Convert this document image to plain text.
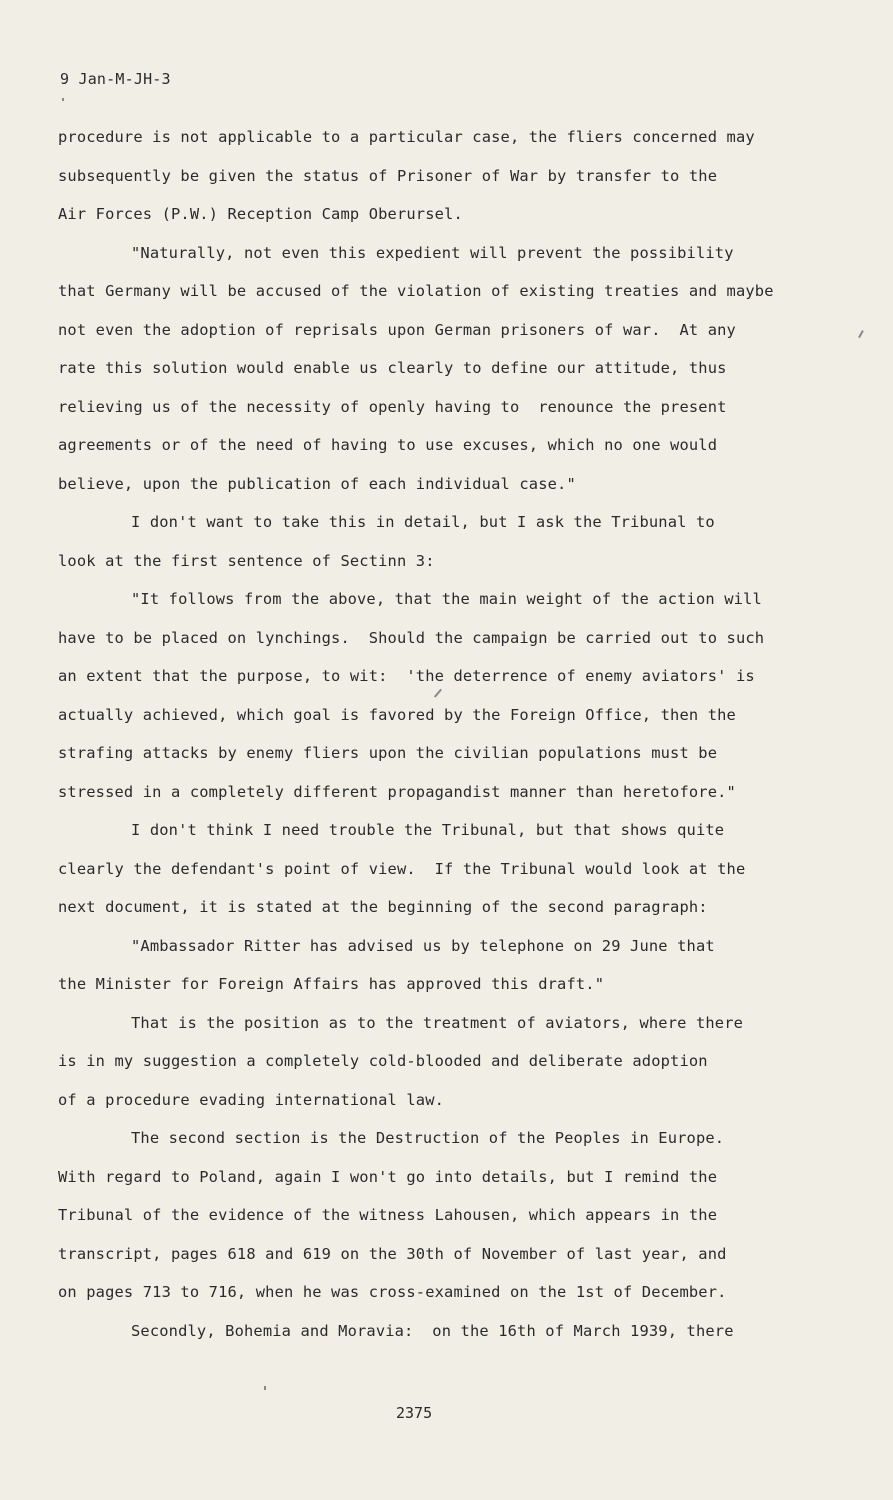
9 Jan-M-JH-3
procedure is not applicable to a particular case, the fliers concerned may
subsequently be given the status of Prisoner of War by transfer to the
Air Forces (P.W.) Reception Camp Oberursel.
"Naturally, not even this expedient will prevent the possibility
that Germany will be accused of the violation of existing treaties and maybe
not even the adoption of reprisals upon German prisoners of war.  At any
rate this solution would enable us clearly to define our attitude, thus
relieving us of the necessity of openly having to  renounce the present
agreements or of the need of having to use excuses, which no one would
believe, upon the publication of each individual case."
I don't want to take this in detail, but I ask the Tribunal to
look at the first sentence of Sectinn 3:
"It follows from the above, that the main weight of the action will
have to be placed on lynchings.  Should the campaign be carried out to such
an extent that the purpose, to wit:  'the deterrence of enemy aviators' is
actually achieved, which goal is favored by the Foreign Office, then the
strafing attacks by enemy fliers upon the civilian populations must be
stressed in a completely different propagandist manner than heretofore."
I don't think I need trouble the Tribunal, but that shows quite
clearly the defendant's point of view.  If the Tribunal would look at the
next document, it is stated at the beginning of the second paragraph:
"Ambassador Ritter has advised us by telephone on 29 June that
the Minister for Foreign Affairs has approved this draft."
That is the position as to the treatment of aviators, where there
is in my suggestion a completely cold-blooded and deliberate adoption
of a procedure evading international law.
The second section is the Destruction of the Peoples in Europe.
With regard to Poland, again I won't go into details, but I remind the
Tribunal of the evidence of the witness Lahousen, which appears in the
transcript, pages 618 and 619 on the 30th of November of last year, and
on pages 713 to 716, when he was cross-examined on the 1st of December.
Secondly, Bohemia and Moravia:  on the 16th of March 1939, there
2375
